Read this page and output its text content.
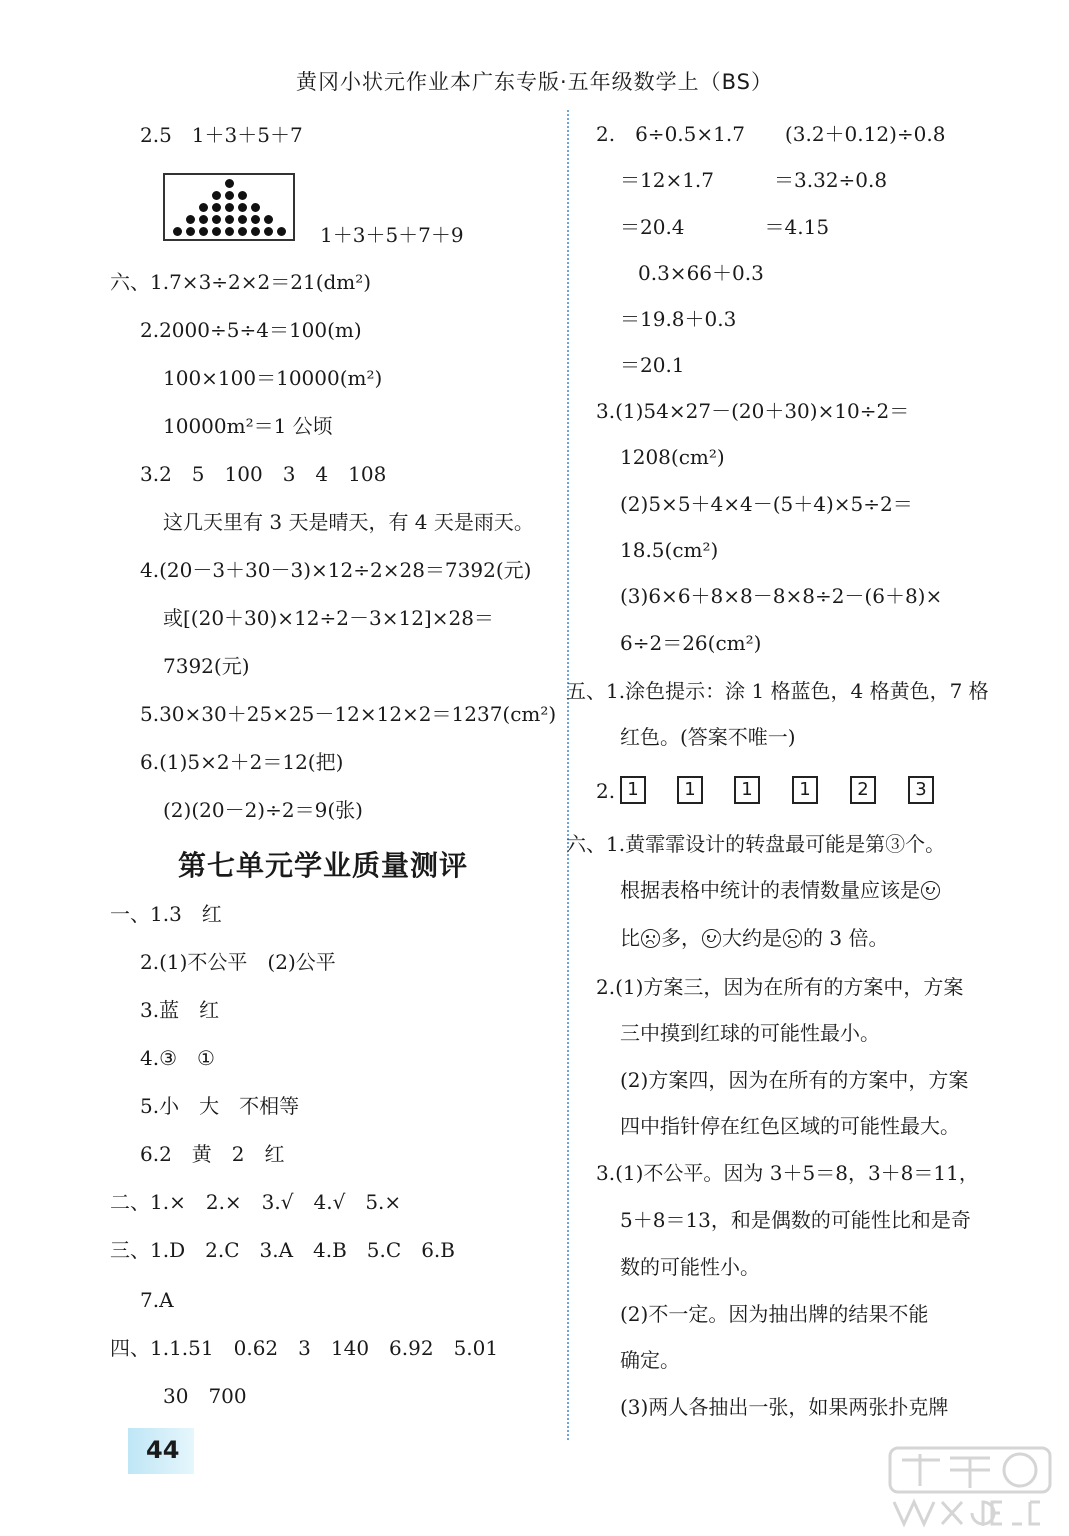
黄冈小状元作业本广东专版·五年级数学上（BS）
2.5　1＋3＋5＋7
1＋3＋5＋7＋9
六、1.7×3÷2×2＝21(dm²)
2.2000÷5÷4＝100(m)
100×100＝10000(m²)
10000m²＝1 公顷
3.2　5　100　3　4　108
这几天里有 3 天是晴天，有 4 天是雨天。
4.(20－3＋30－3)×12÷2×28＝7392(元)
或[(20＋30)×12÷2－3×12]×28＝
7392(元)
5.30×30＋25×25－12×12×2＝1237(cm²)
6.(1)5×2＋2＝12(把)
(2)(20－2)÷2＝9(张)
第七单元学业质量测评
一、1.3　红
2.(1)不公平　(2)公平
3.蓝　红
4.③　①
5.小　大　不相等
6.2　黄　2　红
二、1.×　2.×　3.√　4.√　5.×
三、1.D　2.C　3.A　4.B　5.C　6.B
7.A
四、1.1.51　0.62　3　140　6.92　5.01
30　700
2.　6÷0.5×1.7　　(3.2＋0.12)÷0.8
＝12×1.7　　　＝3.32÷0.8
＝20.4　　　　＝4.15
0.3×66＋0.3
＝19.8＋0.3
＝20.1
3.(1)54×27－(20＋30)×10÷2＝
1208(cm²)
(2)5×5＋4×4－(5＋4)×5÷2＝
18.5(cm²)
(3)6×6＋8×8－8×8÷2－(6＋8)×
6÷2＝26(cm²)
五、1.涂色提示：涂 1 格蓝色，4 格黄色，7 格
红色。(答案不唯一)
2. 1	1	1	1	2	3
六、1.黄霏霏设计的转盘最可能是第③个。
根据表格中统计的表情数量应该是
比 多， 大约是 的 3 倍。
2.(1)方案三，因为在所有的方案中，方案
三中摸到红球的可能性最小。
(2)方案四，因为在所有的方案中，方案
四中指针停在红色区域的可能性最大。
3.(1)不公平。因为 3＋5＝8，3＋8＝11，
5＋8＝13，和是偶数的可能性比和是奇
数的可能性小。
(2)不一定。因为抽出牌的结果不能
确定。
(3)两人各抽出一张，如果两张扑克牌
44
